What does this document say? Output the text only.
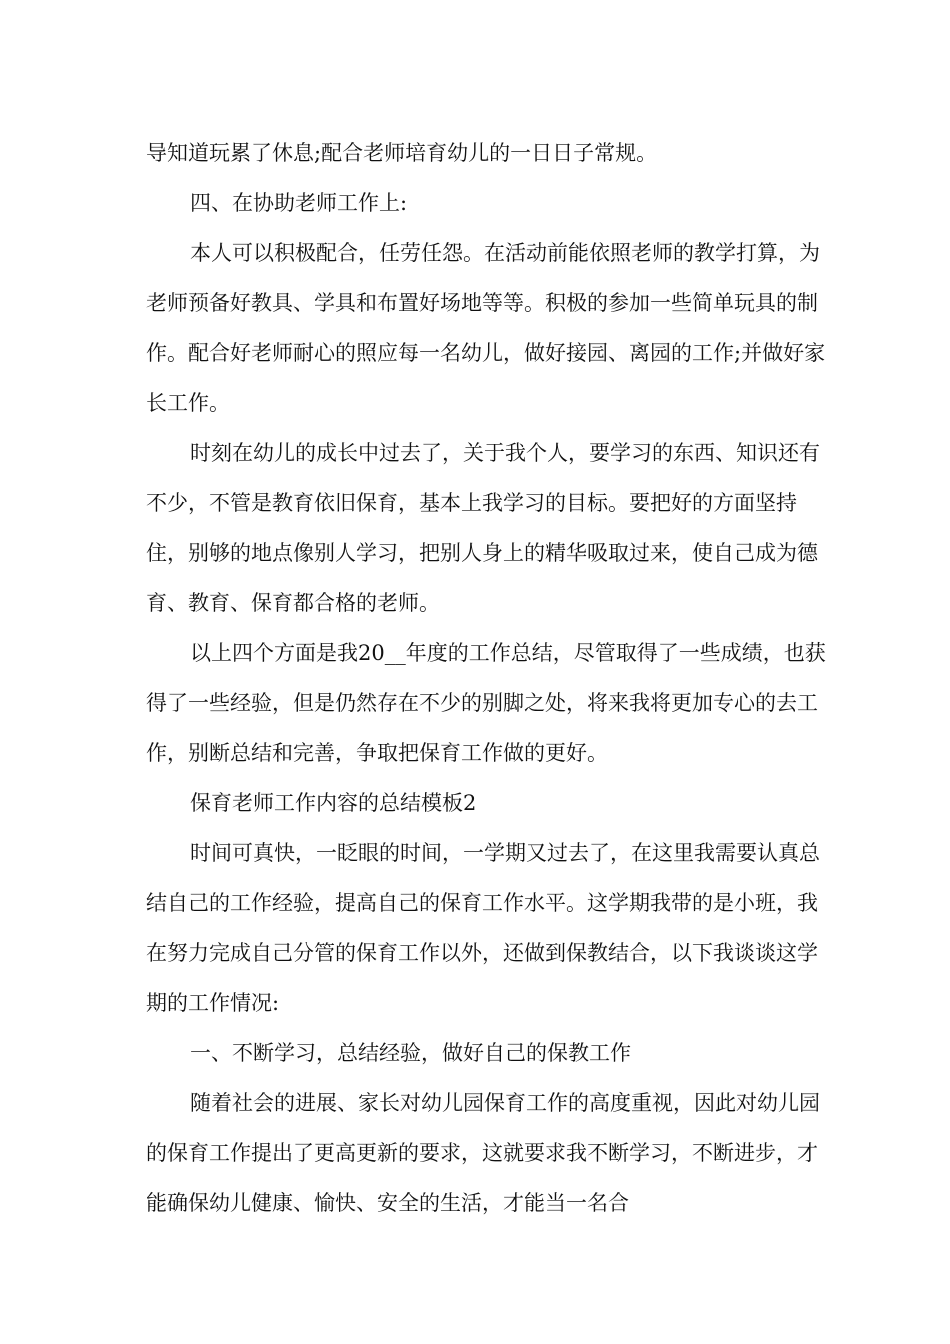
导知道玩累了休息;配合老师培育幼儿的一日日子常规。

四、在协助老师工作上:

本人可以积极配合，任劳任怨。在活动前能依照老师的教学打算，为老师预备好教具、学具和布置好场地等等。积极的参加一些简单玩具的制作。配合好老师耐心的照应每一名幼儿，做好接园、离园的工作;并做好家长工作。

时刻在幼儿的成长中过去了，关于我个人，要学习的东西、知识还有不少，不管是教育依旧保育，基本上我学习的目标。要把好的方面坚持住，别够的地点像别人学习，把别人身上的精华吸取过来，使自己成为德育、教育、保育都合格的老师。

以上四个方面是我20__年度的工作总结，尽管取得了一些成绩，也获得了一些经验，但是仍然存在不少的别脚之处，将来我将更加专心的去工作，别断总结和完善，争取把保育工作做的更好。

保育老师工作内容的总结模板2

时间可真快，一眨眼的时间，一学期又过去了，在这里我需要认真总结自己的工作经验，提高自己的保育工作水平。这学期我带的是小班，我在努力完成自己分管的保育工作以外，还做到保教结合，以下我谈谈这学期的工作情况:

一、不断学习，总结经验，做好自己的保教工作

随着社会的进展、家长对幼儿园保育工作的高度重视，因此对幼儿园的保育工作提出了更高更新的要求，这就要求我不断学习，不断进步，才能确保幼儿健康、愉快、安全的生活，才能当一名合
